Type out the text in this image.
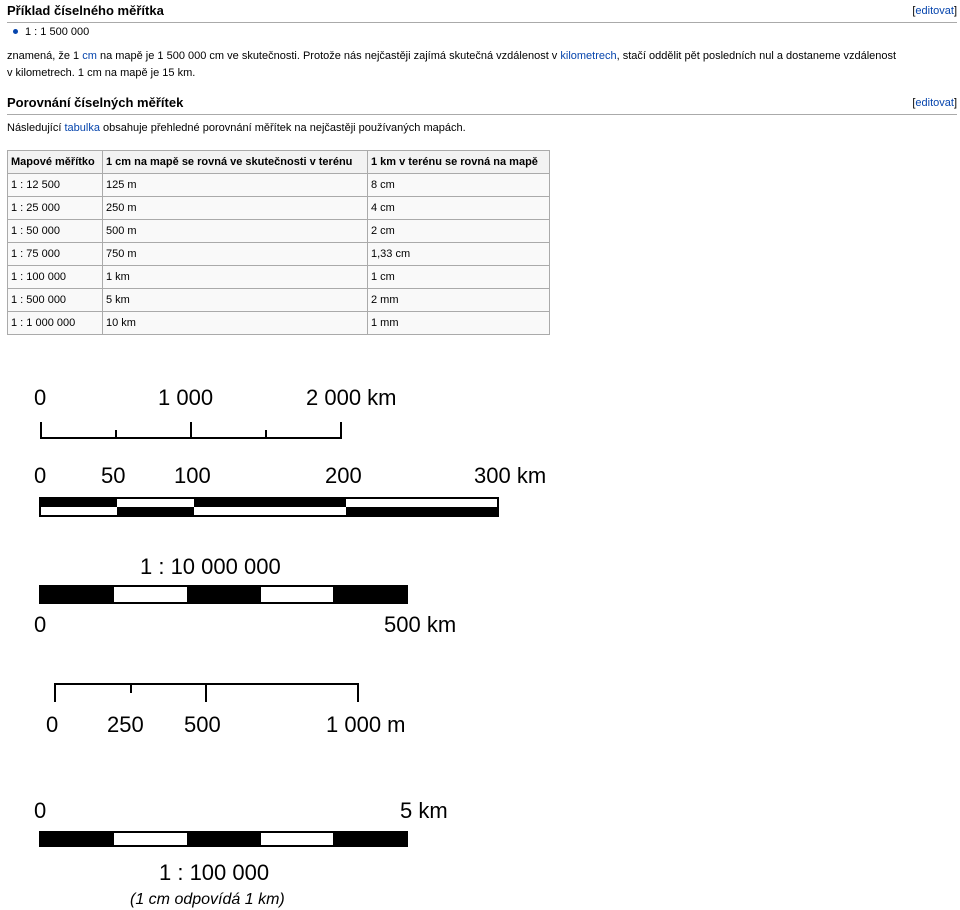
Příklad číselného měřítka	[editovat]
1 : 1 500 000
znamená, že 1 cm na mapě je 1 500 000 cm ve skutečnosti. Protože nás nejčastěji zajímá skutečná vzdálenost v kilometrech, stačí oddělit pět posledních nul a dostaneme vzdálenost
v kilometrech. 1 cm na mapě je 15 km.
Porovnání číselných měřítek	[editovat]
Následující tabulka obsahuje přehledné porovnání měřítek na nejčastěji používaných mapách.
Mapové měřítko	1 cm na mapě se rovná ve skutečnosti v terénu	1 km v terénu se rovná na mapě
1 : 12 500	125 m	8 cm
1 : 25 000	250 m	4 cm
1 : 50 000	500 m	2 cm
1 : 75 000	750 m	1,33 cm
1 : 100 000	1 km	1 cm
1 : 500 000	5 km	2 mm
1 : 1 000 000	10 km	1 mm
0	1 000	2 000 km
0 50 100	200	300 km
1 : 10 000 000
0	500 km
0 250 500	1 000 m
0	5 km
1 : 100 000
(1 cm odpovídá 1 km)
